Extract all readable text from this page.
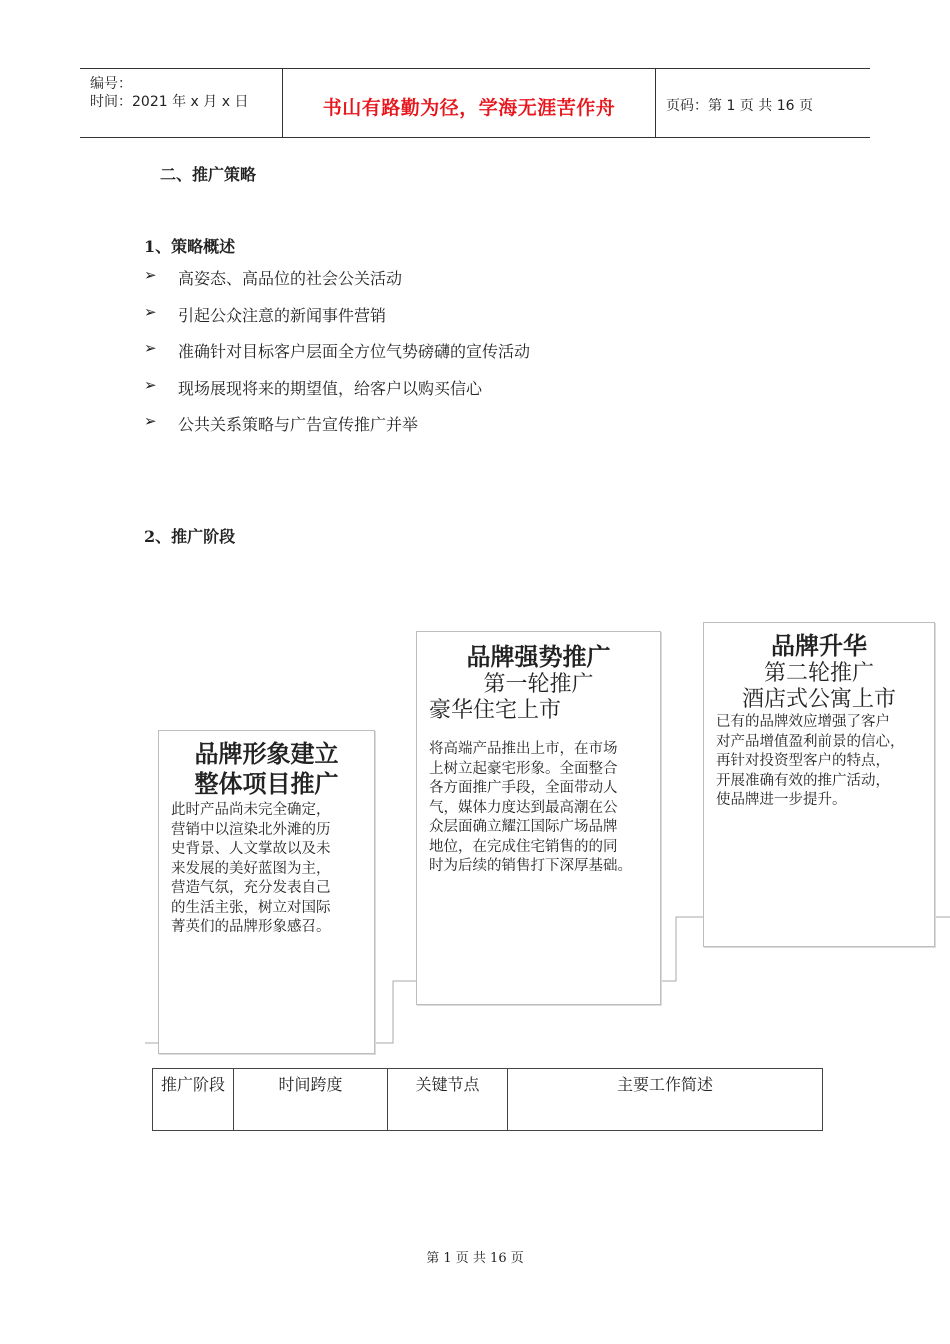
编号：
时间：2021 年 x 月 x 日	书山有路勤为径，学海无涯苦作舟	页码：第 1 页 共 16 页
二、推广策略
1、策略概述
➢	高姿态、高品位的社会公关活动
➢	引起公众注意的新闻事件营销
➢	准确针对目标客户层面全方位气势磅礴的宣传活动
➢	现场展现将来的期望值，给客户以购买信心
➢	公共关系策略与广告宣传推广并举
2、推广阶段
品牌形象建立
整体项目推广
此时产品尚未完全确定，
营销中以渲染北外滩的历
史背景、人文掌故以及未
来发展的美好蓝图为主，
营造气氛，充分发表自己
的生活主张，树立对国际
菁英们的品牌形象感召。
品牌强势推广
第一轮推广
豪华住宅上市
将高端产品推出上市，在市场
上树立起豪宅形象。全面整合
各方面推广手段，全面带动人
气，媒体力度达到最高潮在公
众层面确立耀江国际广场品牌
地位，在完成住宅销售的的同
时为后续的销售打下深厚基础。
品牌升华
第二轮推广
酒店式公寓上市
已有的品牌效应增强了客户
对产品增值盈利前景的信心，
再针对投资型客户的特点，
开展准确有效的推广活动，
使品牌进一步提升。
推广阶段	时间跨度	关键节点	主要工作简述
第 1 页 共 16 页
